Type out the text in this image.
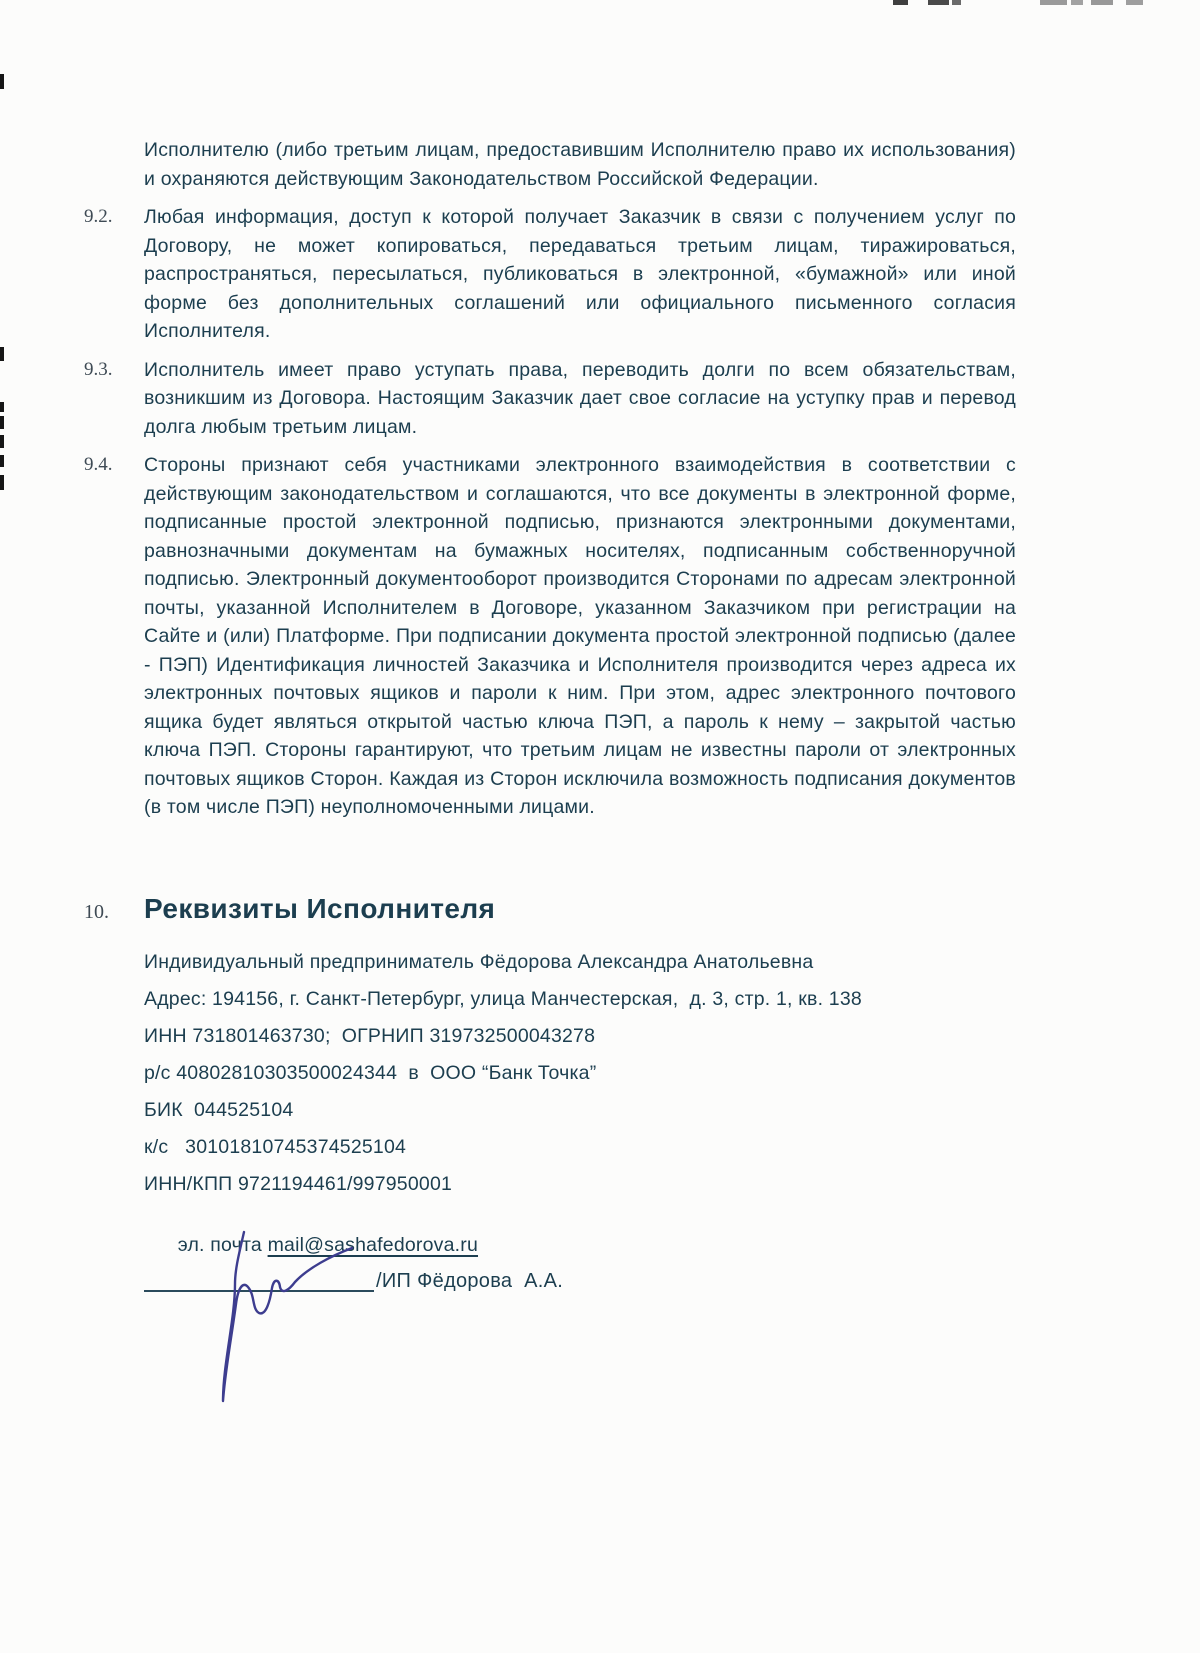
Исполнителю (либо третьим лицам, предоставившим Исполнителю право их использования) и охраняются действующим Законодательством Российской Федерации.
9.2.	Любая информация, доступ к которой получает Заказчик в связи с получением услуг по Договору, не может копироваться, передаваться третьим лицам, тиражироваться, распространяться, пересылаться, публиковаться в электронной, «бумажной» или иной форме без дополнительных соглашений или официального письменного согласия Исполнителя.
9.3.	Исполнитель имеет право уступать права, переводить долги по всем обязательствам, возникшим из Договора. Настоящим Заказчик дает свое согласие на уступку прав и перевод долга любым третьим лицам.
9.4.	Стороны признают себя участниками электронного взаимодействия в соответствии с действующим законодательством и соглашаются, что все документы в электронной форме, подписанные простой электронной подписью, признаются электронными документами, равнозначными документам на бумажных носителях, подписанным собственноручной подписью. Электронный документооборот производится Сторонами по адресам электронной почты, указанной Исполнителем в Договоре, указанном Заказчиком при регистрации на Сайте и (или) Платформе. При подписании документа простой электронной подписью (далее - ПЭП) Идентификация личностей Заказчика и Исполнителя производится через адреса их электронных почтовых ящиков и пароли к ним. При этом, адрес электронного почтового ящика будет являться открытой частью ключа ПЭП, а пароль к нему – закрытой частью ключа ПЭП. Стороны гарантируют, что третьим лицам не известны пароли от электронных почтовых ящиков Сторон. Каждая из Сторон исключила возможность подписания документов (в том числе ПЭП) неуполномоченными лицами.
10.	Реквизиты Исполнителя
Индивидуальный предприниматель Фёдорова Александра Анатольевна
Адрес: 194156, г. Санкт-Петербург, улица Манчестерская,  д. 3, стр. 1, кв. 138
ИНН 731801463730;  ОГРНИП 319732500043278
р/с 40802810303500024344  в  ООО “Банк Точка”
БИК  044525104
к/с   30101810745374525104
ИНН/КПП 9721194461/997950001

эл. почта mail@sashafedorova.ru

/ИП Фёдорова  А.А.
